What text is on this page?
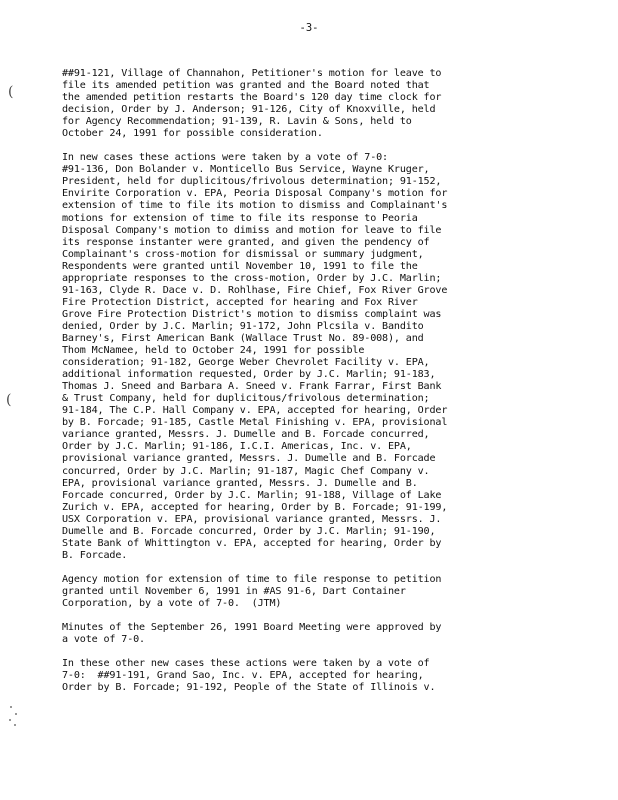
-3-
(
(
##91-121, Village of Channahon, Petitioner's motion for leave to
file its amended petition was granted and the Board noted that
the amended petition restarts the Board's 120 day time clock for
decision, Order by J. Anderson; 91-126, City of Knoxville, held
for Agency Recommendation; 91-139, R. Lavin & Sons, held to
October 24, 1991 for possible consideration.
In new cases these actions were taken by a vote of 7-0:
#91-136, Don Bolander v. Monticello Bus Service, Wayne Kruger,
President, held for duplicitous/frivolous determination; 91-152,
Envirite Corporation v. EPA, Peoria Disposal Company's motion for
extension of time to file its motion to dismiss and Complainant's
motions for extension of time to file its response to Peoria
Disposal Company's motion to dimiss and motion for leave to file
its response instanter were granted, and given the pendency of
Complainant's cross-motion for dismissal or summary judgment,
Respondents were granted until November 10, 1991 to file the
appropriate responses to the cross-motion, Order by J.C. Marlin;
91-163, Clyde R. Dace v. D. Rohlhase, Fire Chief, Fox River Grove
Fire Protection District, accepted for hearing and Fox River
Grove Fire Protection District's motion to dismiss complaint was
denied, Order by J.C. Marlin; 91-172, John Plcsila v. Bandito
Barney's, First American Bank (Wallace Trust No. 89-008), and
Thom McNamee, held to October 24, 1991 for possible
consideration; 91-182, George Weber Chevrolet Facility v. EPA,
additional information requested, Order by J.C. Marlin; 91-183,
Thomas J. Sneed and Barbara A. Sneed v. Frank Farrar, First Bank
& Trust Company, held for duplicitous/frivolous determination;
91-184, The C.P. Hall Company v. EPA, accepted for hearing, Order
by B. Forcade; 91-185, Castle Metal Finishing v. EPA, provisional
variance granted, Messrs. J. Dumelle and B. Forcade concurred,
Order by J.C. Marlin; 91-186, I.C.I. Americas, Inc. v. EPA,
provisional variance granted, Messrs. J. Dumelle and B. Forcade
concurred, Order by J.C. Marlin; 91-187, Magic Chef Company v.
EPA, provisional variance granted, Messrs. J. Dumelle and B.
Forcade concurred, Order by J.C. Marlin; 91-188, Village of Lake
Zurich v. EPA, accepted for hearing, Order by B. Forcade; 91-199,
USX Corporation v. EPA, provisional variance granted, Messrs. J.
Dumelle and B. Forcade concurred, Order by J.C. Marlin; 91-190,
State Bank of Whittington v. EPA, accepted for hearing, Order by
B. Forcade.
Agency motion for extension of time to file response to petition
granted until November 6, 1991 in #AS 91-6, Dart Container
Corporation, by a vote of 7-0.  (JTM)
Minutes of the September 26, 1991 Board Meeting were approved by
a vote of 7-0.
In these other new cases these actions were taken by a vote of
7-0:  ##91-191, Grand Sao, Inc. v. EPA, accepted for hearing,
Order by B. Forcade; 91-192, People of the State of Illinois v.
